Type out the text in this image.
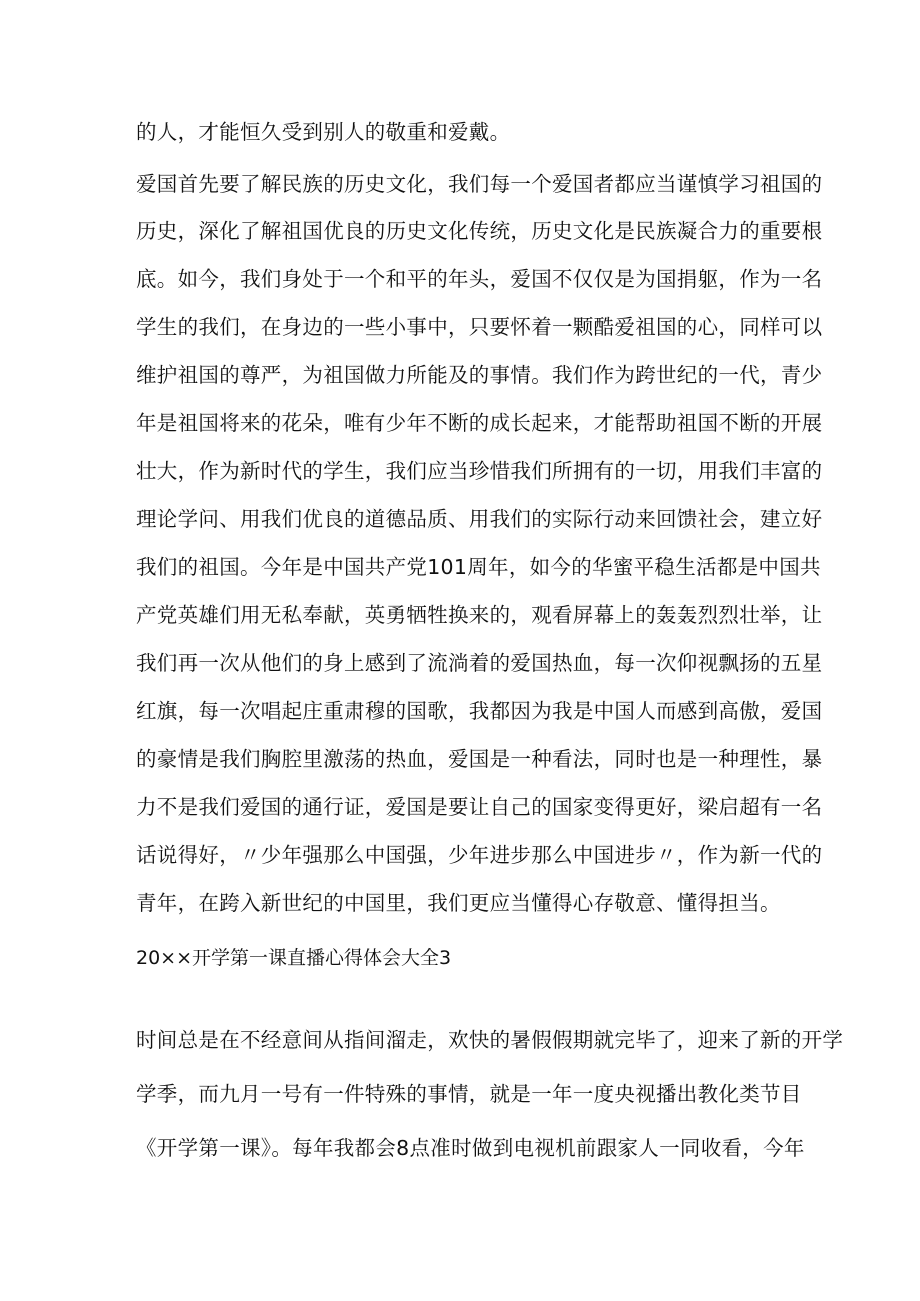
的人，才能恒久受到别人的敬重和爱戴。
爱国首先要了解民族的历史文化，我们每一个爱国者都应当谨慎学习祖国的
历史，深化了解祖国优良的历史文化传统，历史文化是民族凝合力的重要根
底。如今，我们身处于一个和平的年头，爱国不仅仅是为国捐躯，作为一名
学生的我们，在身边的一些小事中，只要怀着一颗酷爱祖国的心，同样可以
维护祖国的尊严，为祖国做力所能及的事情。我们作为跨世纪的一代，青少
年是祖国将来的花朵，唯有少年不断的成长起来，才能帮助祖国不断的开展
壮大，作为新时代的学生，我们应当珍惜我们所拥有的一切，用我们丰富的
理论学问、用我们优良的道德品质、用我们的实际行动来回馈社会，建立好
我们的祖国。今年是中国共产党101周年，如今的华蜜平稳生活都是中国共
产党英雄们用无私奉献，英勇牺牲换来的，观看屏幕上的轰轰烈烈壮举，让
我们再一次从他们的身上感到了流淌着的爱国热血，每一次仰视飘扬的五星
红旗，每一次唱起庄重肃穆的国歌，我都因为我是中国人而感到高傲，爱国
的豪情是我们胸腔里激荡的热血，爱国是一种看法，同时也是一种理性，暴
力不是我们爱国的通行证，爱国是要让自己的国家变得更好，梁启超有一名
话说得好，〃少年强那么中国强，少年进步那么中国进步〃，作为新一代的
青年，在跨入新世纪的中国里，我们更应当懂得心存敬意、懂得担当。
20××开学第一课直播心得体会大全3
时间总是在不经意间从指间溜走，欢快的暑假假期就完毕了，迎来了新的开学
学季，而九月一号有一件特殊的事情，就是一年一度央视播出教化类节目
《开学第一课》。每年我都会8点准时做到电视机前跟家人一同收看，今年
